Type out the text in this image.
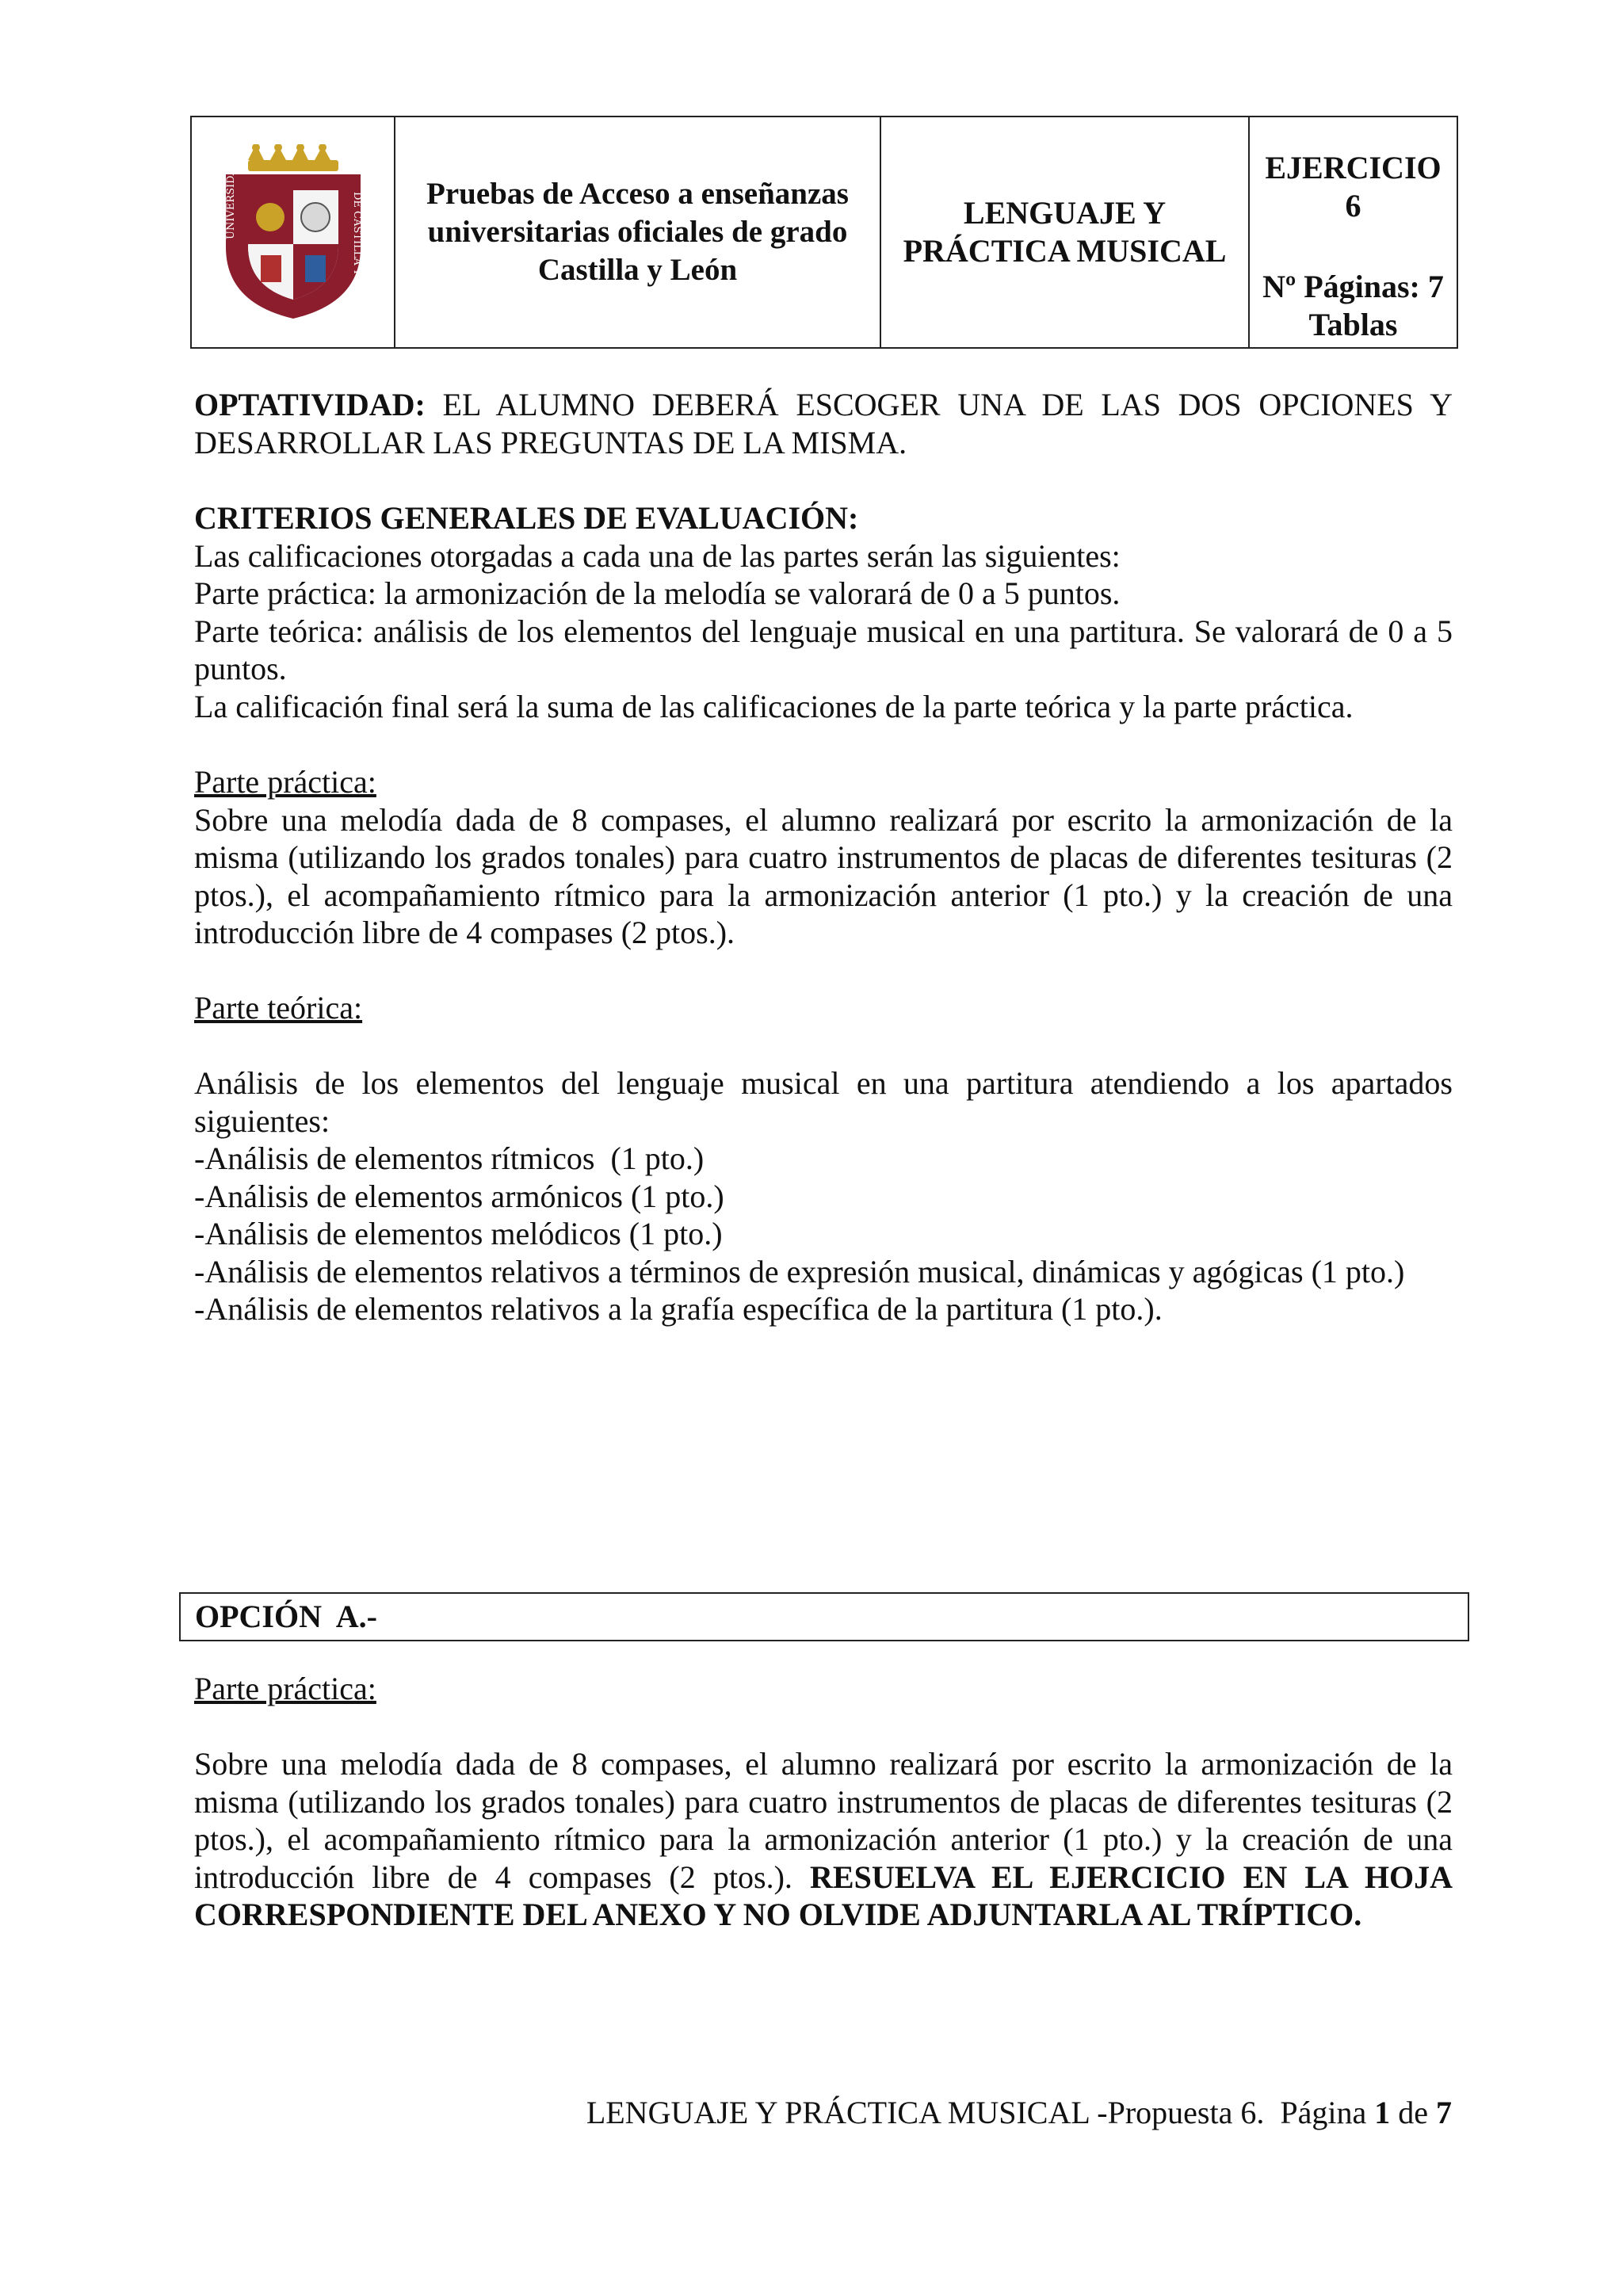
UNIVERSIDADES	DE CASTILLA Y LEÓN Pruebas de Acceso a enseñanzas
universitarias oficiales de grado
Castilla y León
LENGUAJE Y
PRÁCTICA MUSICAL
EJERCICIO
6
Nº Páginas: 7
Tablas
OPTATIVIDAD: EL ALUMNO DEBERÁ ESCOGER UNA DE LAS DOS OPCIONES Y
DESARROLLAR LAS PREGUNTAS DE LA MISMA.
CRITERIOS GENERALES DE EVALUACIÓN:
Las calificaciones otorgadas a cada una de las partes serán las siguientes:
Parte práctica: la armonización de la melodía se valorará de 0 a 5 puntos.
Parte teórica: análisis de los elementos del lenguaje musical en una partitura. Se valorará de 0 a 5 puntos.
La calificación final será la suma de las calificaciones de la parte teórica y la parte práctica.
Parte práctica:
Sobre una melodía dada de 8 compases, el alumno realizará por escrito la armonización de la misma (utilizando los grados tonales) para cuatro instrumentos de placas de diferentes tesituras (2 ptos.), el acompañamiento rítmico para la armonización anterior (1 pto.) y la creación de una introducción libre de 4 compases (2 ptos.).
Parte teórica:
Análisis de los elementos del lenguaje musical en una partitura atendiendo a los apartados siguientes:
-Análisis de elementos rítmicos  (1 pto.)
-Análisis de elementos armónicos (1 pto.)
-Análisis de elementos melódicos (1 pto.)
-Análisis de elementos relativos a términos de expresión musical, dinámicas y agógicas (1 pto.)
-Análisis de elementos relativos a la grafía específica de la partitura (1 pto.).
OPCIÓN  A.-
Parte práctica:
Sobre una melodía dada de 8 compases, el alumno realizará por escrito la armonización de la misma (utilizando los grados tonales) para cuatro instrumentos de placas de diferentes tesituras (2 ptos.), el acompañamiento rítmico para la armonización anterior (1 pto.) y la creación de una introducción libre de 4 compases (2 ptos.). RESUELVA EL EJERCICIO EN LA HOJA CORRESPONDIENTE DEL ANEXO Y NO OLVIDE ADJUNTARLA AL TRÍPTICO.
LENGUAJE Y PRÁCTICA MUSICAL -Propuesta 6.  Página 1 de 7
